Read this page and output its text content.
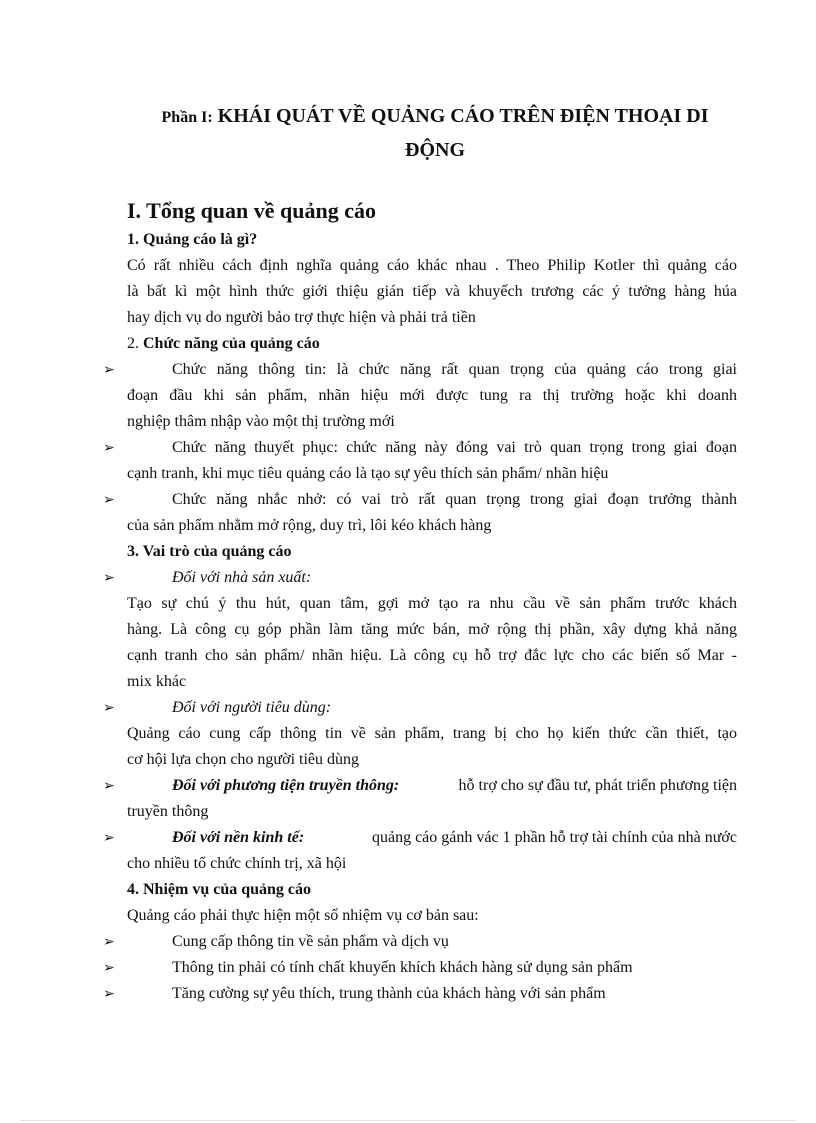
Phần I: KHÁI QUÁT VỀ QUẢNG CÁO TRÊN ĐIỆN THOẠI DI
ĐỘNG
I. Tổng quan về quảng cáo
1. Quảng cáo là gì?
Có rất nhiều cách định nghĩa quảng cáo khác nhau . Theo Philip Kotler thì quảng cáo
là bất kì một hình thức giới thiệu gián tiếp và khuyếch trương các ý tưởng hàng húa
hay dịch vụ do người bảo trợ thực hiện và phải trả tiền
2. Chức năng của quảng cáo
➢	Chức năng thông tin: là chức năng rất quan trọng của quảng cáo trong giai
đoạn đầu khi sản phẩm, nhãn hiệu mới được tung ra thị trường hoặc khi doanh
nghiệp thâm nhập vào một thị trường mới
➢	Chức năng thuyết phục: chức năng này đóng vai trò quan trọng trong giai đoạn
cạnh tranh, khi mục tiêu quảng cáo là tạo sự yêu thích sản phẩm/ nhãn hiệu
➢	Chức năng nhắc nhở: có vai trò rất quan trọng trong giai đoạn trưởng thành
của sản phẩm nhằm mở rộng, duy trì, lôi kéo khách hàng
3. Vai trò của quảng cáo
➢	Đối với nhà sản xuất:
Tạo sự chú ý thu hút, quan tâm, gợi mở tạo ra nhu cầu về sản phẩm trước khách
hàng. Là công cụ góp phần làm tăng mức bán, mở rộng thị phần, xây dựng khả năng
cạnh tranh cho sản phẩm/ nhãn hiệu. Là công cụ hỗ trợ đắc lực cho các biến số Mar -
mix khác
➢	Đối với người tiêu dùng:
Quảng cáo cung cấp thông tin về sản phẩm, trang bị cho họ kiến thức cần thiết, tạo
cơ hội lựa chọn cho người tiêu dùng
➢	Đối với phương tiện truyền thông:	hỗ trợ cho sự đầu tư, phát triển phương tiện
truyền thông
➢	Đối với nền kinh tế:	quảng cáo gánh vác 1 phần hỗ trợ tài chính của nhà nước
cho nhiều tổ chức chính trị, xã hội
4. Nhiệm vụ của quảng cáo
Quảng cáo phải thực hiện một số nhiệm vụ cơ bản sau:
➢	Cung cấp thông tin về sản phẩm và dịch vụ
➢	Thông tin phải có tính chất khuyến khích khách hàng sử dụng sản phẩm
➢	Tăng cường sự yêu thích, trung thành của khách hàng với sản phẩm
